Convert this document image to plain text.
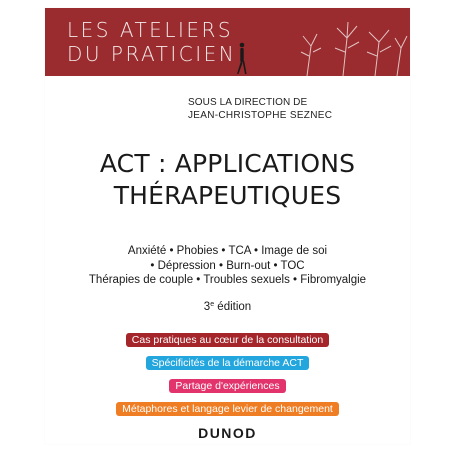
LES ATELIERS
DU PRATICIEN
SOUS LA DIRECTION DE
JEAN-CHRISTOPHE SEZNEC
ACT : APPLICATIONS
THÉRAPEUTIQUES
Anxiété • Phobies • TCA • Image de soi
• Dépression • Burn-out • TOC
Thérapies de couple • Troubles sexuels • Fibromyalgie
3e édition
Cas pratiques au cœur de la consultation
Spécificités de la démarche ACT
Partage d'expériences
Métaphores et langage levier de changement
DUNOD
